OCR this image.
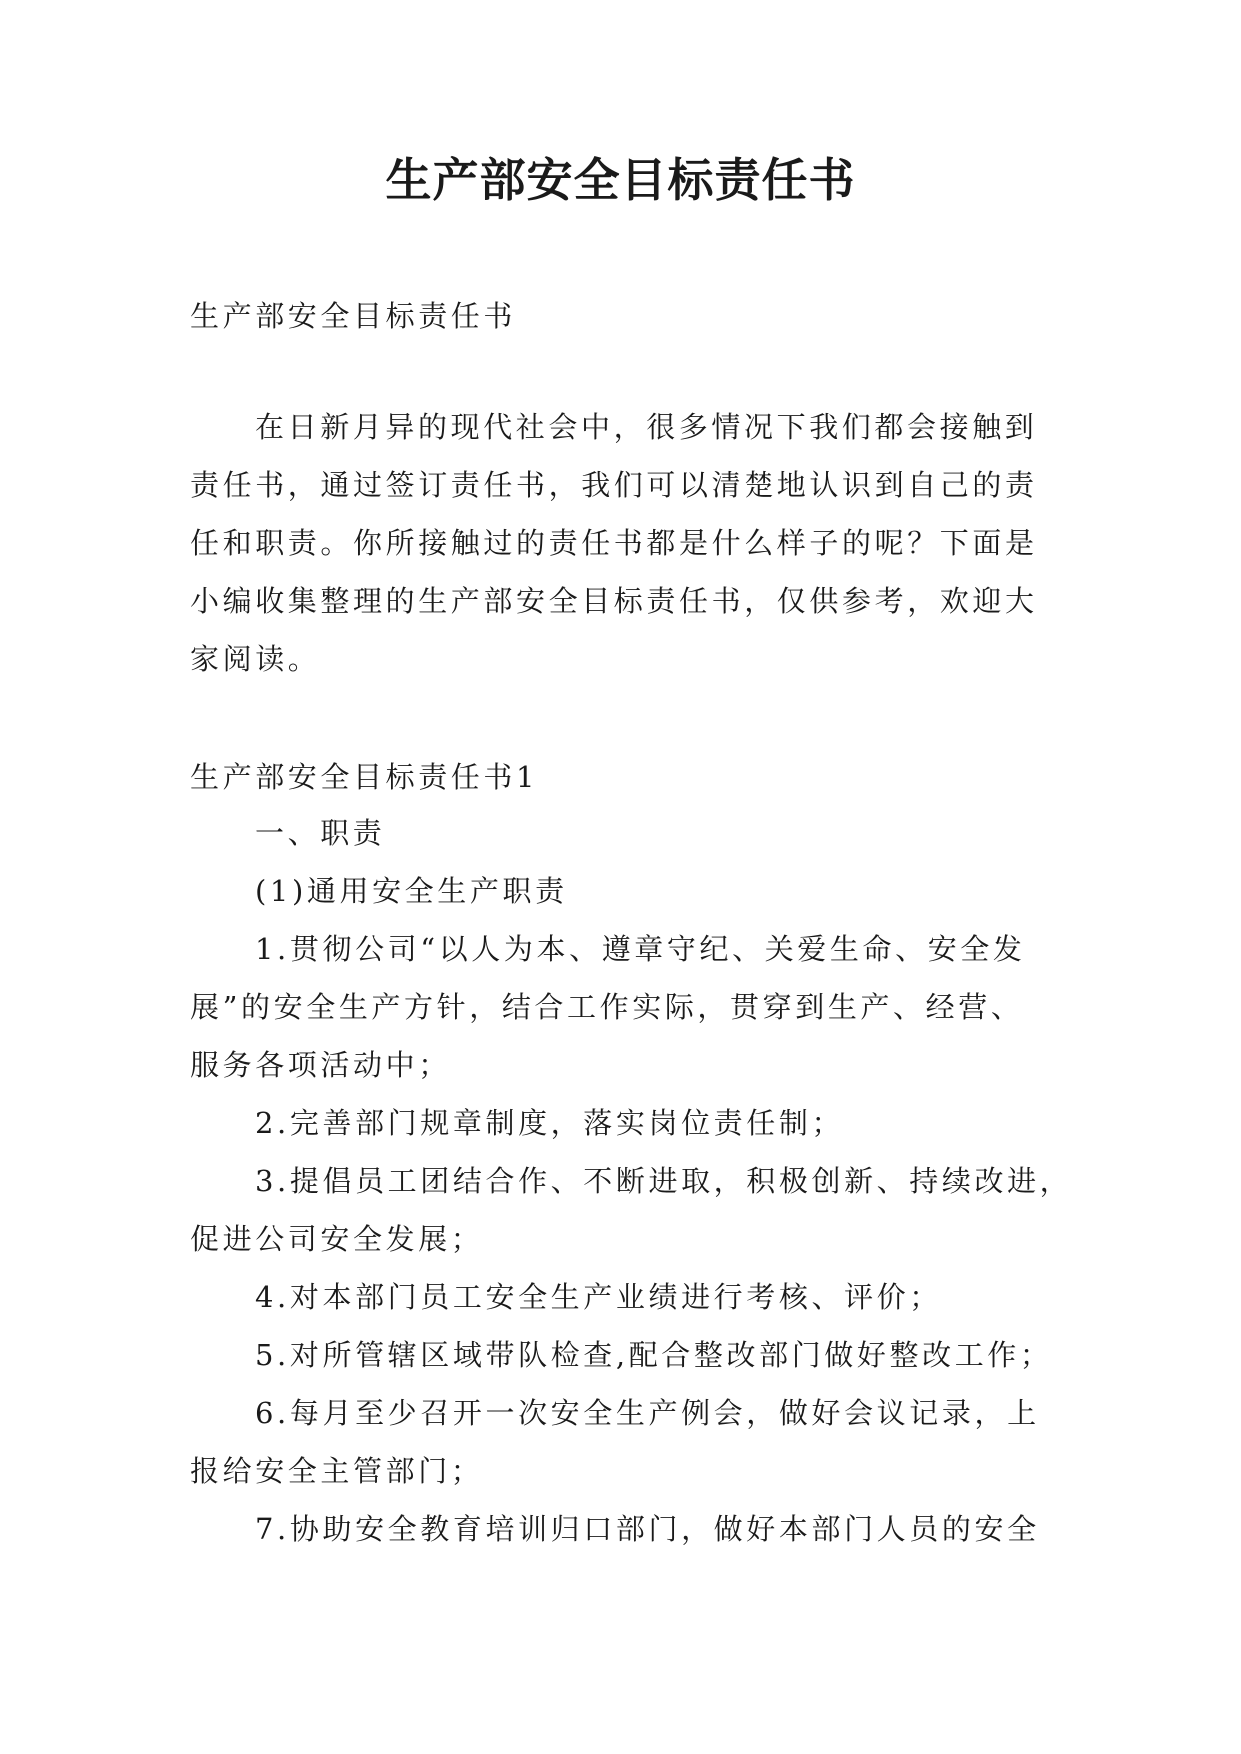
生产部安全目标责任书
生产部安全目标责任书
在日新月异的现代社会中，很多情况下我们都会接触到
责任书，通过签订责任书，我们可以清楚地认识到自己的责
任和职责。你所接触过的责任书都是什么样子的呢？下面是
小编收集整理的生产部安全目标责任书，仅供参考，欢迎大
家阅读。
生产部安全目标责任书1
一、职责
(1)通用安全生产职责
1.贯彻公司“以人为本、遵章守纪、关爱生命、安全发
展”的安全生产方针，结合工作实际，贯穿到生产、经营、
服务各项活动中；
2.完善部门规章制度，落实岗位责任制；
3.提倡员工团结合作、不断进取，积极创新、持续改进，
促进公司安全发展；
4.对本部门员工安全生产业绩进行考核、评价；
5.对所管辖区域带队检查,配合整改部门做好整改工作；
6.每月至少召开一次安全生产例会，做好会议记录，上
报给安全主管部门；
7.协助安全教育培训归口部门，做好本部门人员的安全
